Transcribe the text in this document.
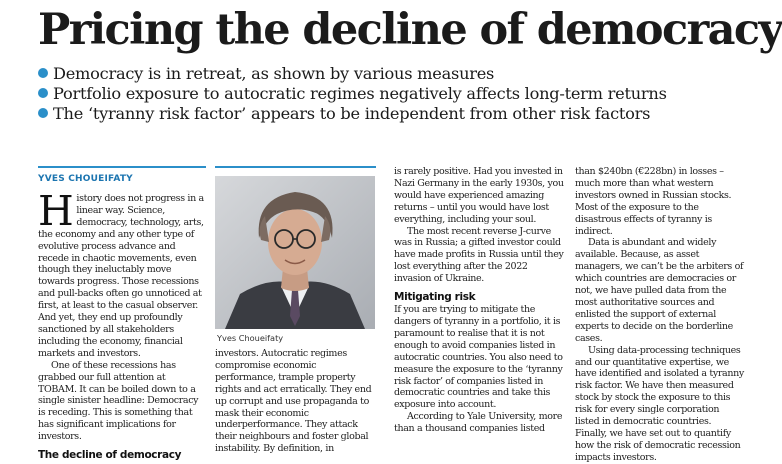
Pricing the decline of democracy
Democracy is in retreat, as shown by various measures
Portfolio exposure to autocratic regimes negatively affects long-term returns
The ‘tyranny risk factor’ appears to be independent from other risk factors
YVES CHOUEIFATY

History does not progress in a linear way. Science, democracy, technology, arts, the economy and any other type of evolutive process advance and recede in chaotic movements, even though they ineluctably move towards progress. Those recessions and pull-backs often go unnoticed at first, at least to the casual observer. And yet, they end up profoundly sanctioned by all stakeholders including the economy, financial markets and investors.

One of these recessions has grabbed our full attention at TOBAM. It can be boiled down to a single sinister headline: Democracy is receding. This is something that has significant implications for investors.

The decline of democracy
Yves Choueifaty

investors. Autocratic regimes compromise economic performance, trample property rights and act erratically. They end up corrupt and use propaganda to mask their economic underperformance. They attack their neighbours and foster global instability. By definition, in

is rarely positive. Had you invested in Nazi Germany in the early 1930s, you would have experienced amazing returns – until you would have lost everything, including your soul.

The most recent reverse J-curve was in Russia; a gifted investor could have made profits in Russia until they lost everything after the 2022 invasion of Ukraine.

Mitigating risk

If you are trying to mitigate the dangers of tyranny in a portfolio, it is paramount to realise that it is not enough to avoid companies listed in autocratic countries. You also need to measure the exposure to the ‘tyranny risk factor’ of companies listed in democratic countries and take this exposure into account.

According to Yale University, more than a thousand companies listed

than $240bn (€228bn) in losses – much more than what western investors owned in Russian stocks. Most of the exposure to the disastrous effects of tyranny is indirect.

Data is abundant and widely available. Because, as asset managers, we can’t be the arbiters of which countries are democracies or not, we have pulled data from the most authoritative sources and enlisted the support of external experts to decide on the borderline cases.

Using data-processing techniques and our quantitative expertise, we have identified and isolated a tyranny risk factor. We have then measured stock by stock the exposure to this risk for every single corporation listed in democratic countries. Finally, we have set out to quantify how the risk of democratic recession impacts investors.
